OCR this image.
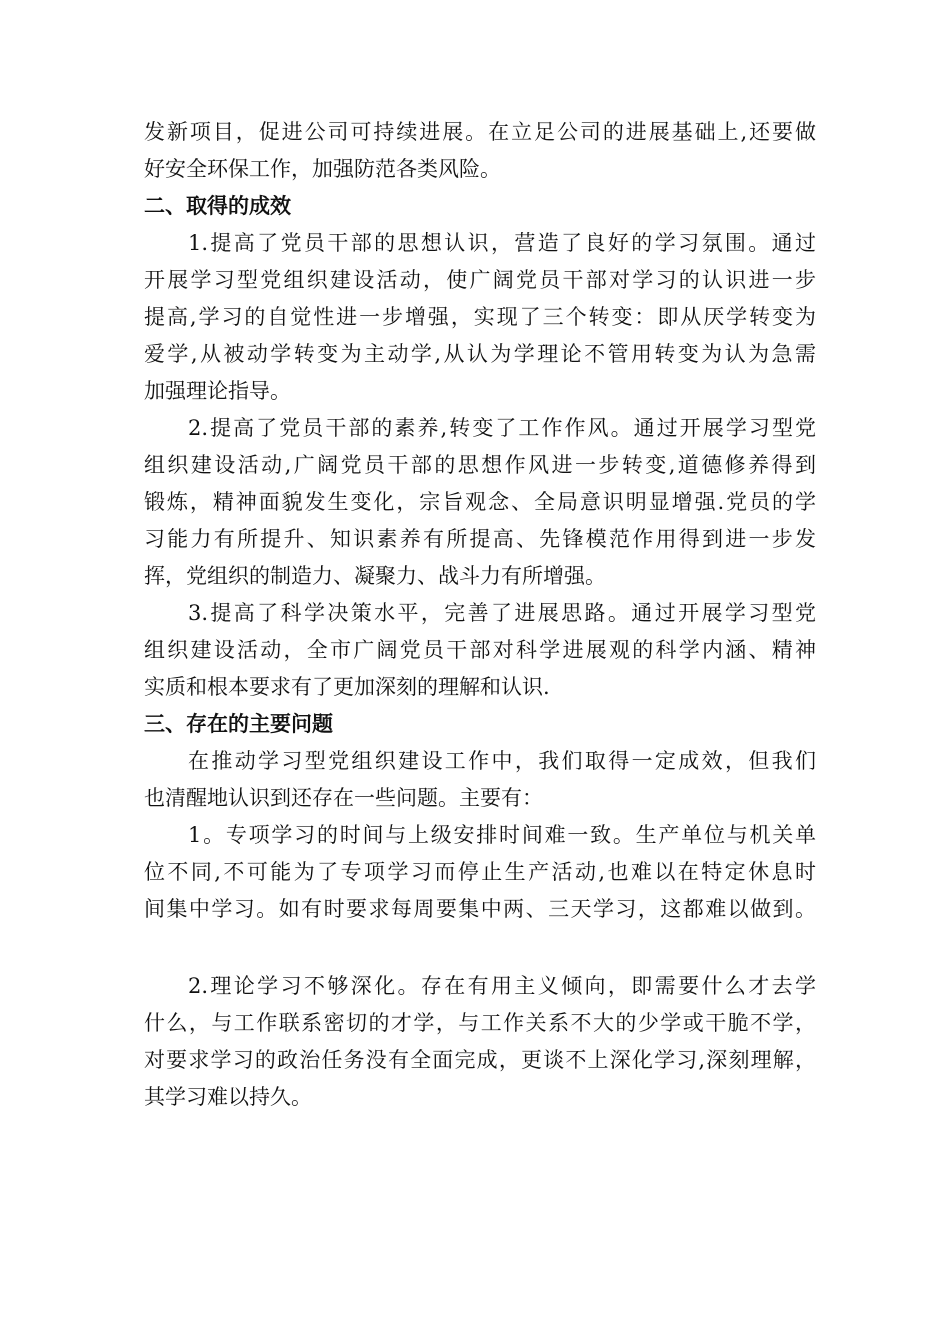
发新项目，促进公司可持续进展。在立足公司的进展基础上,还要做
好安全环保工作，加强防范各类风险。
二、取得的成效
1.提高了党员干部的思想认识，营造了良好的学习氛围。通过
开展学习型党组织建设活动，使广阔党员干部对学习的认识进一步
提高,学习的自觉性进一步增强，实现了三个转变：即从厌学转变为
爱学,从被动学转变为主动学,从认为学理论不管用转变为认为急需
加强理论指导。
2.提高了党员干部的素养,转变了工作作风。通过开展学习型党
组织建设活动,广阔党员干部的思想作风进一步转变,道德修养得到
锻炼，精神面貌发生变化，宗旨观念、全局意识明显增强.党员的学
习能力有所提升、知识素养有所提高、先锋模范作用得到进一步发
挥，党组织的制造力、凝聚力、战斗力有所增强。
3.提高了科学决策水平，完善了进展思路。通过开展学习型党
组织建设活动，全市广阔党员干部对科学进展观的科学内涵、精神
实质和根本要求有了更加深刻的理解和认识.
三、存在的主要问题
在推动学习型党组织建设工作中，我们取得一定成效，但我们
也清醒地认识到还存在一些问题。主要有：
1。专项学习的时间与上级安排时间难一致。生产单位与机关单
位不同,不可能为了专项学习而停止生产活动,也难以在特定休息时
间集中学习。如有时要求每周要集中两、三天学习，这都难以做到。
2.理论学习不够深化。存在有用主义倾向，即需要什么才去学
什么，与工作联系密切的才学，与工作关系不大的少学或干脆不学，
对要求学习的政治任务没有全面完成，更谈不上深化学习,深刻理解，
其学习难以持久。
